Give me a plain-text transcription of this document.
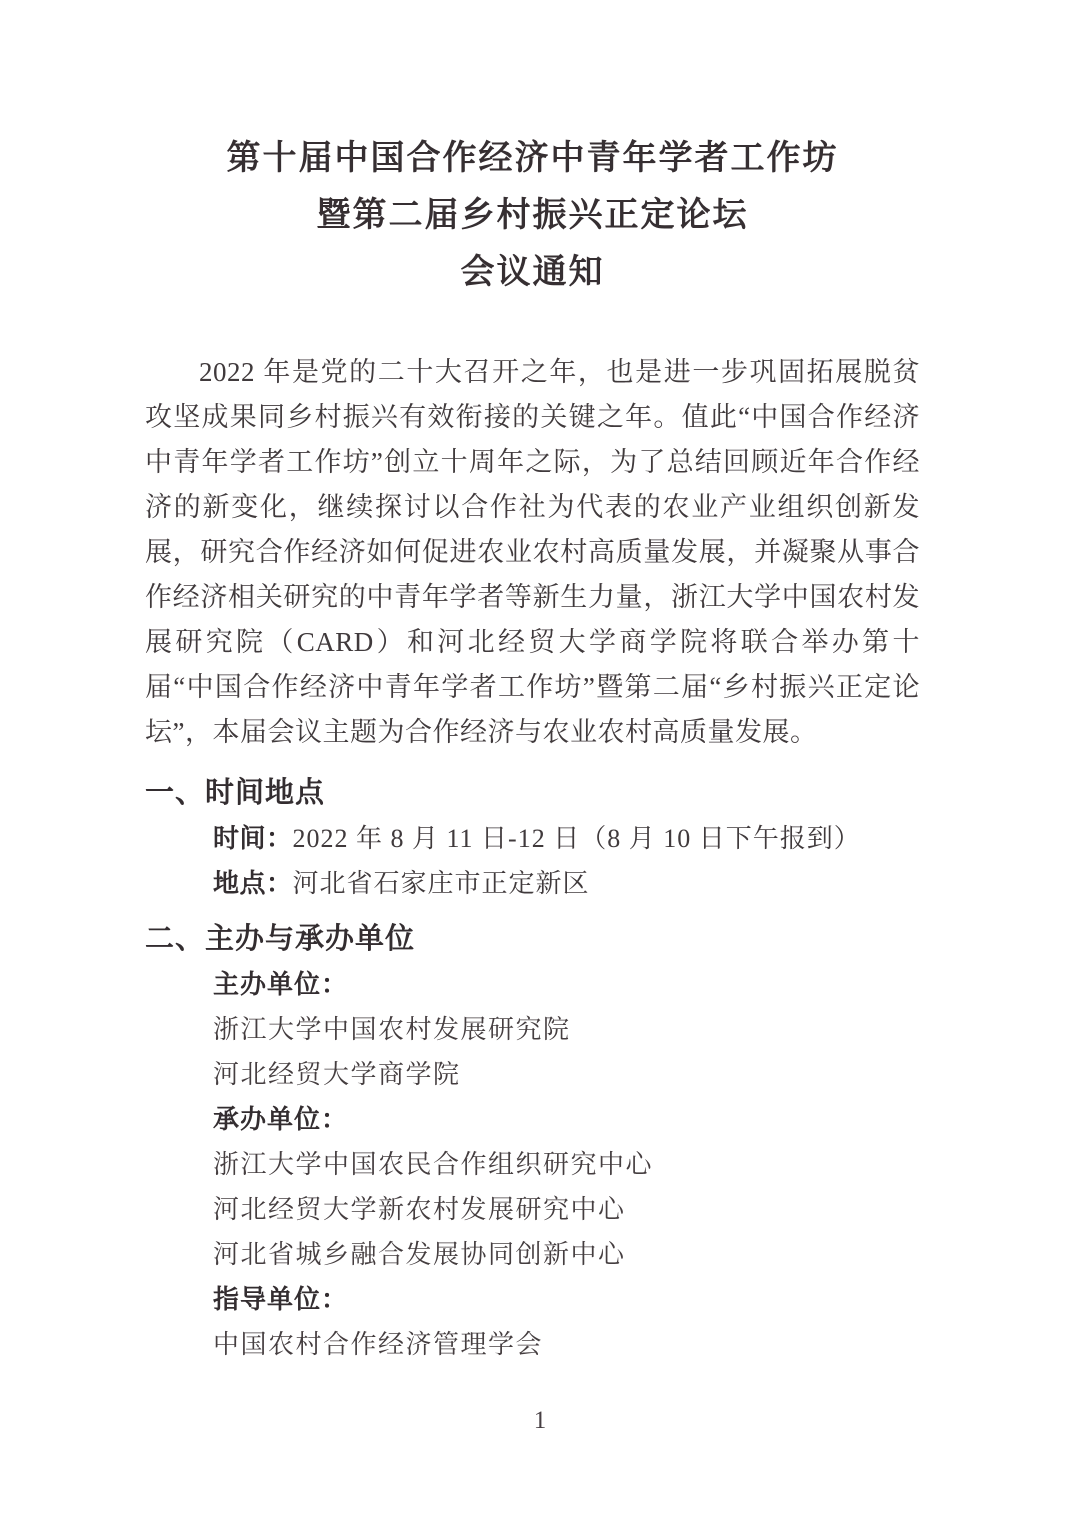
第十届中国合作经济中青年学者工作坊
暨第二届乡村振兴正定论坛
会议通知

2022 年是党的二十大召开之年，也是进一步巩固拓展脱贫攻坚成果同乡村振兴有效衔接的关键之年。值此“中国合作经济中青年学者工作坊”创立十周年之际，为了总结回顾近年合作经济的新变化，继续探讨以合作社为代表的农业产业组织创新发展，研究合作经济如何促进农业农村高质量发展，并凝聚从事合作经济相关研究的中青年学者等新生力量，浙江大学中国农村发展研究院（CARD）和河北经贸大学商学院将联合举办第十届“中国合作经济中青年学者工作坊”暨第二届“乡村振兴正定论坛”，本届会议主题为合作经济与农业农村高质量发展。

一、时间地点
时间：2022 年 8 月 11 日-12 日（8 月 10 日下午报到）
地点：河北省石家庄市正定新区
二、主办与承办单位
主办单位：
浙江大学中国农村发展研究院
河北经贸大学商学院
承办单位：
浙江大学中国农民合作组织研究中心
河北经贸大学新农村发展研究中心
河北省城乡融合发展协同创新中心
指导单位：
中国农村合作经济管理学会
1
